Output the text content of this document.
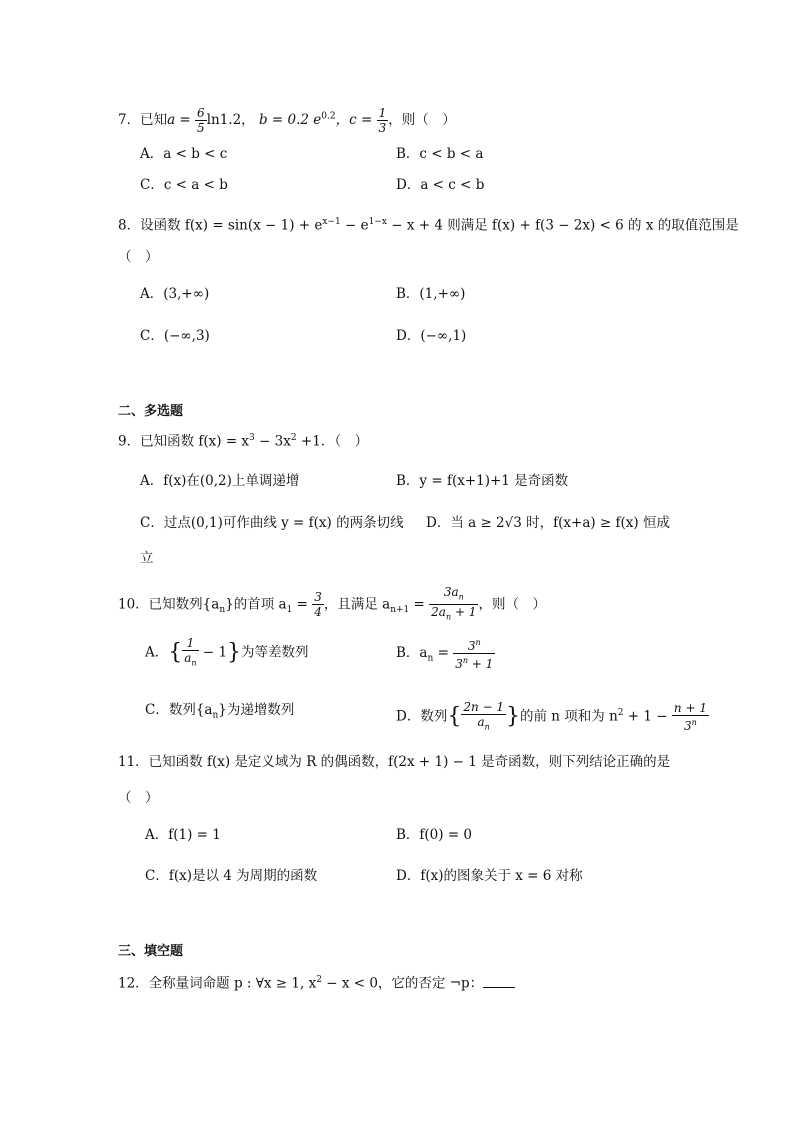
7．已知$a = \frac{6}{5} \ln 1.2$， b = 0.2 $e^{0.2}$，$c = \frac{1}{3}$ ，则（　）
A．a < b < c	B．c < b < a
C．c < a < b	D．a < c < b
8．设函数 $f(x) = \sin(x - 1) + e^{x-1} - e^{1-x} - x + 4$ 则满足 f(x) + f(3 − 2x) < 6 的 x 的取值范围是
（　）
A．(3,+∞)	B．(1,+∞)
C．(−∞,3)	D．(−∞,1)
二、多选题
9．已知函数 $f(x) = x^3 - 3x^2 +1$．（　）
A．f(x)在(0,2)上单调递增	B．y = f(x+1)+1 是奇函数
C．过点(0,1)可作曲线 y = f(x) 的两条切线 D．当 a ≥ 2√3 时，f(x+a) ≥ f(x) 恒成
立
10．已知数列$\{a_n\}$的首项 $a_1 = \frac{3}{4}$ ，且满足 $a_{n+1} = \frac{3a_n}{2a_n + 1}$ ，则（　）
A．{ $\frac{1}{a_n} - 1$}为等差数列	B．$a_n = \frac{3^n}{3^n + 1}$
C．数列$\{a_n\}$为递增数列	D．数列{ $\frac{2n - 1}{a_n}$ }的前 n 项和为 $n^2 + 1 - \frac{n + 1}{3^n}$
11．已知函数 f(x) 是定义域为 R 的偶函数，f(2x + 1) − 1 是奇函数，则下列结论正确的是
（　）
A．f(1) = 1	B．f(0) = 0
C．f(x)是以 4 为周期的函数	D．f(x)的图象关于 x = 6 对称
三、填空题
12．全称量词命题 p : ∀x ≥ 1, $x^2 - x < 0$，它的否定 ¬p：
